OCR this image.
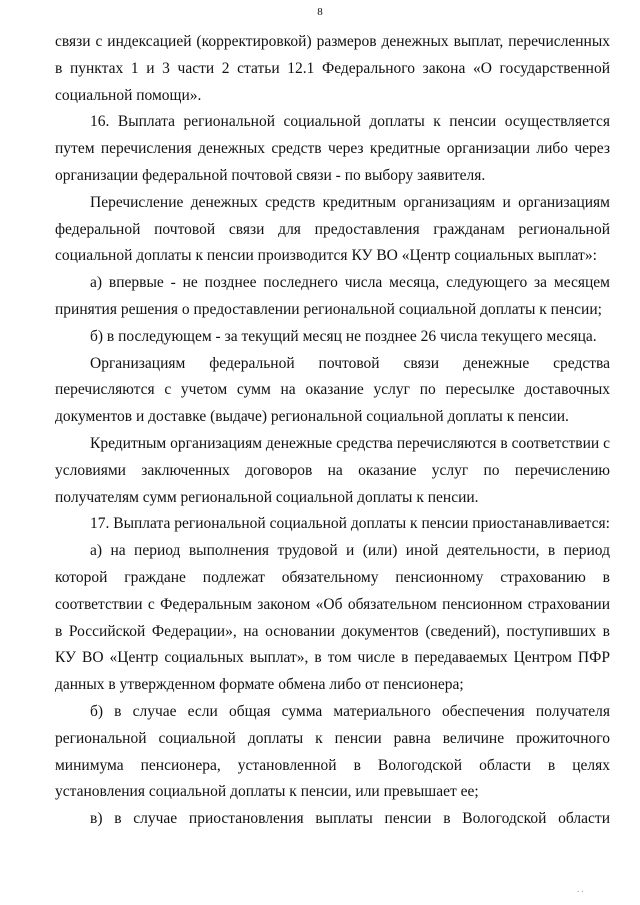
8

связи с индексацией (корректировкой) размеров денежных выплат, перечисленных в пунктах 1 и 3 части 2 статьи 12.1 Федерального закона «О государственной социальной помощи».

16. Выплата региональной социальной доплаты к пенсии осуществляется путем перечисления денежных средств через кредитные организации либо через организации федеральной почтовой связи - по выбору заявителя.

Перечисление денежных средств кредитным организациям и организациям федеральной почтовой связи для предоставления гражданам региональной социальной доплаты к пенсии производится КУ ВО «Центр социальных выплат»:

а) впервые - не позднее последнего числа месяца, следующего за месяцем принятия решения о предоставлении региональной социальной доплаты к пенсии;

б) в последующем - за текущий месяц не позднее 26 числа текущего месяца.

Организациям федеральной почтовой связи денежные средства перечисляются с учетом сумм на оказание услуг по пересылке доставочных документов и доставке (выдаче) региональной социальной доплаты к пенсии.

Кредитным организациям денежные средства перечисляются в соответствии с условиями заключенных договоров на оказание услуг по перечислению получателям сумм региональной социальной доплаты к пенсии.

17. Выплата региональной социальной доплаты к пенсии приостанавливается:

а) на период выполнения трудовой и (или) иной деятельности, в период которой граждане подлежат обязательному пенсионному страхованию в соответствии с Федеральным законом «Об обязательном пенсионном страховании в Российской Федерации», на основании документов (сведений), поступивших в КУ ВО «Центр социальных выплат», в том числе в передаваемых Центром ПФР данных в утвержденном формате обмена либо от пенсионера;

б) в случае если общая сумма материального обеспечения получателя региональной социальной доплаты к пенсии равна величине прожиточного минимума пенсионера, установленной в Вологодской области в целях установления социальной доплаты к пенсии, или превышает ее;

в) в случае приостановления выплаты пенсии в Вологодской области

. .
